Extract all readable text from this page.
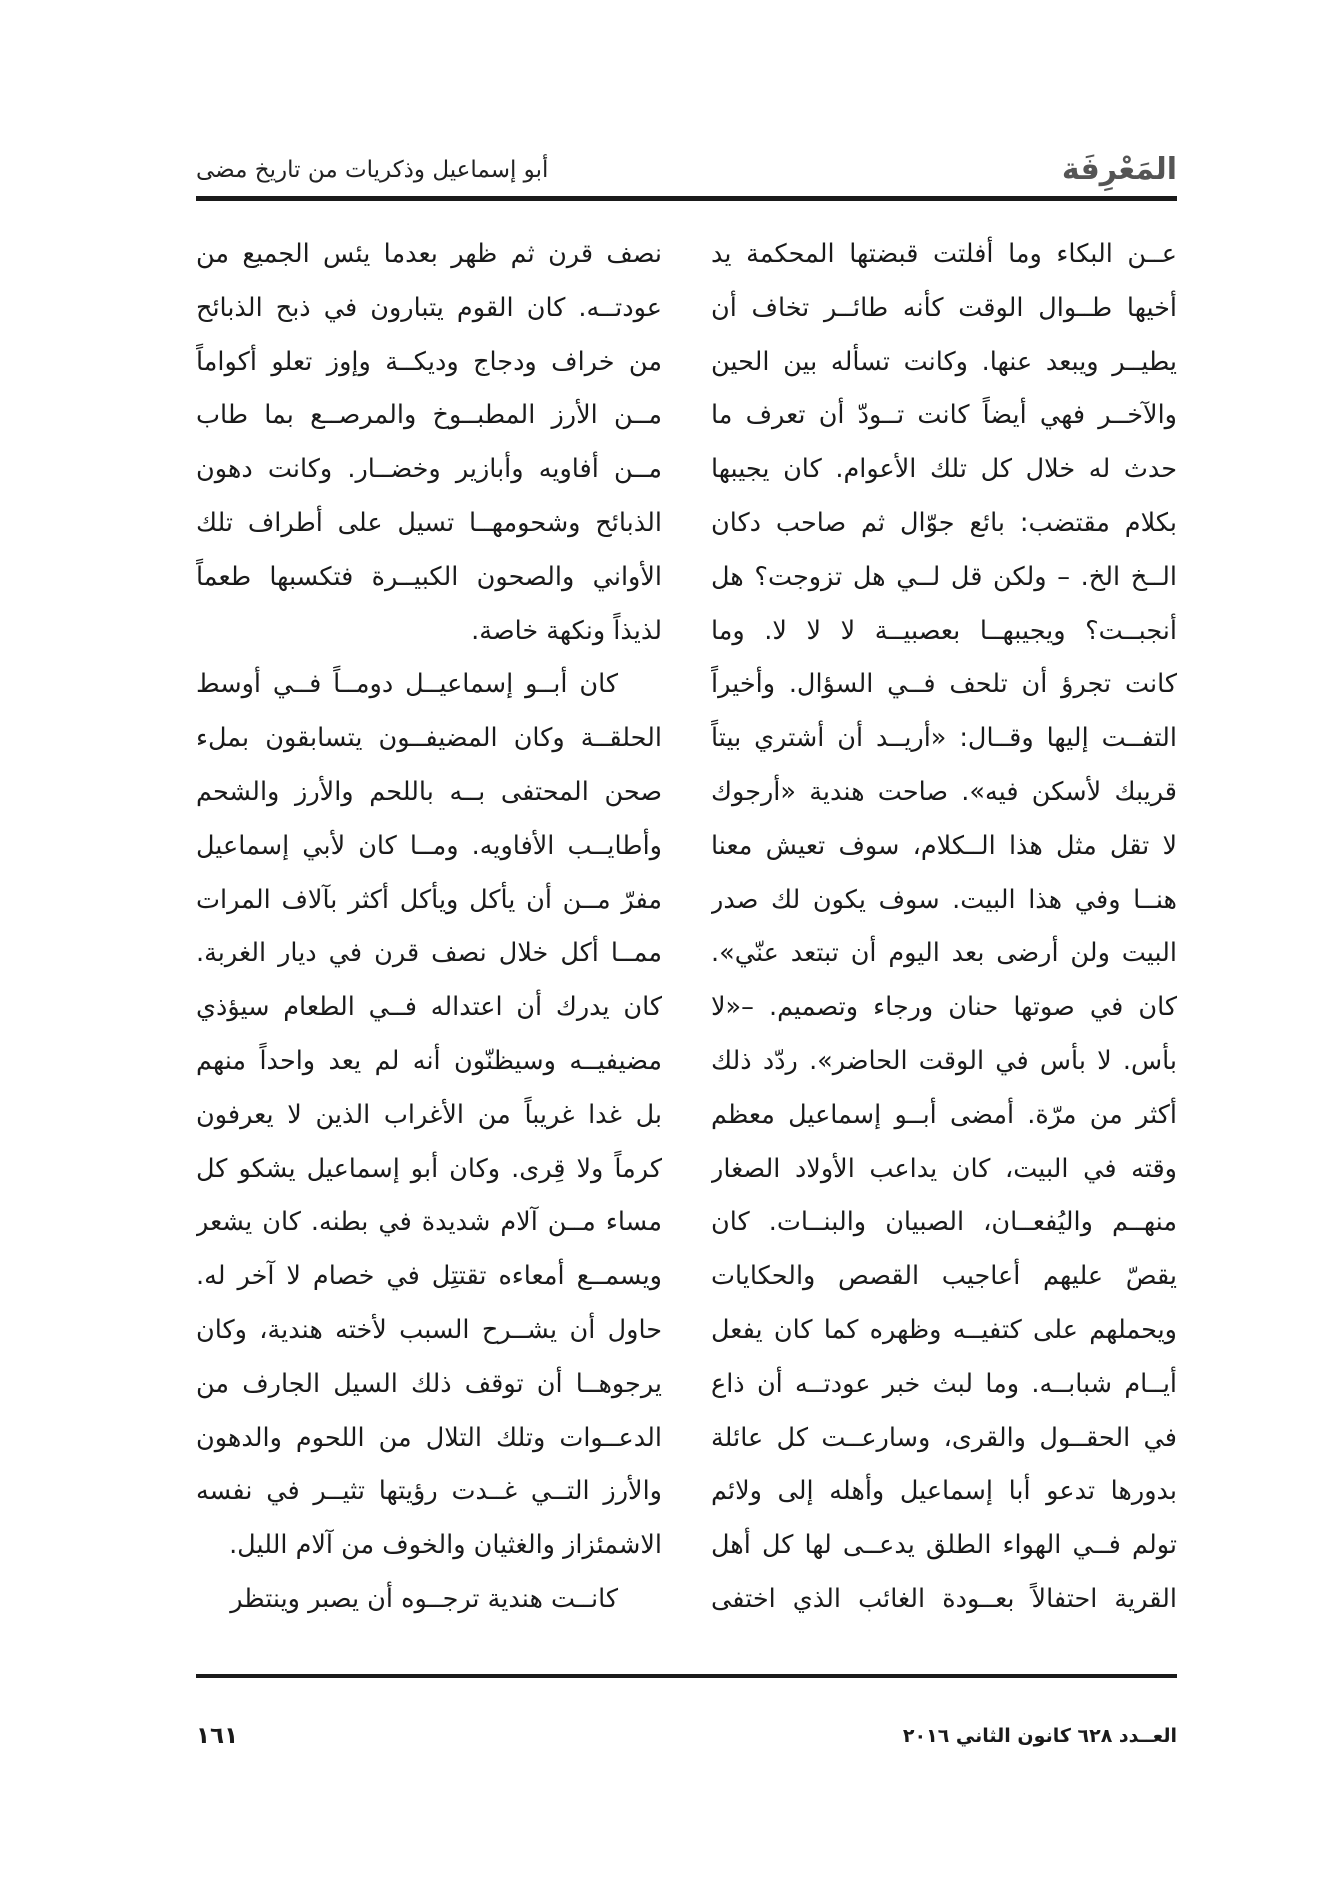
المَعْرِفَة
أبو إسماعيل وذكريات من تاريخ مضى
عــن البكاء وما أفلتت قبضتها المحكمة يد
أخيها طــوال الوقت كأنه طائــر تخاف أن
يطيــر ويبعد عنها. وكانت تسأله بين الحين
والآخــر فهي أيضاً كانت تــودّ أن تعرف ما
حدث له خلال كل تلك الأعوام. كان يجيبها
بكلام مقتضب: بائع جوّال ثم صاحب دكان
الــخ الخ. – ولكن قل لــي هل تزوجت؟ هل
أنجبــت؟ ويجيبهــا بعصبيــة لا لا لا. وما
كانت تجرؤ أن تلحف فــي السؤال. وأخيراً
التفــت إليها وقــال: «أريــد أن أشتري بيتاً
قريبك لأسكن فيه». صاحت هندية «أرجوك
لا تقل مثل هذا الــكلام، سوف تعيش معنا
هنــا وفي هذا البيت. سوف يكون لك صدر
البيت ولن أرضى بعد اليوم أن تبتعد عنّي».
كان في صوتها حنان ورجاء وتصميم. –«لا
بأس. لا بأس في الوقت الحاضر». ردّد ذلك
أكثر من مرّة. أمضى أبــو إسماعيل معظم
وقته في البيت، كان يداعب الأولاد الصغار
منهــم واليُفعــان، الصبيان والبنــات. كان
يقصّ عليهم أعاجيب القصص والحكايات
ويحملهم على كتفيــه وظهره كما كان يفعل
أيــام شبابــه. وما لبث خبر عودتــه أن ذاع
في الحقــول والقرى، وسارعــت كل عائلة
بدورها تدعو أبا إسماعيل وأهله إلى ولائم
تولم فــي الهواء الطلق يدعــى لها كل أهل
القرية احتفالاً بعــودة الغائب الذي اختفى
نصف قرن ثم ظهر بعدما يئس الجميع من
عودتــه. كان القوم يتبارون في ذبح الذبائح
من خراف ودجاج وديكــة وإوز تعلو أكواماً
مــن الأرز المطبــوخ والمرصــع بما طاب
مــن أفاويه وأبازير وخضــار. وكانت دهون
الذبائح وشحومهــا تسيل على أطراف تلك
الأواني والصحون الكبيــرة فتكسبها طعماً
لذيذاً ونكهة خاصة.
كان أبــو إسماعيــل دومــاً فــي أوسط
الحلقــة وكان المضيفــون يتسابقون بملء
صحن المحتفى بــه باللحم والأرز والشحم
وأطايــب الأفاويه. ومــا كان لأبي إسماعيل
مفرّ مــن أن يأكل ويأكل أكثر بآلاف المرات
ممــا أكل خلال نصف قرن في ديار الغربة.
كان يدرك أن اعتداله فــي الطعام سيؤذي
مضيفيــه وسيظنّون أنه لم يعد واحداً منهم
بل غدا غريباً من الأغراب الذين لا يعرفون
كرماً ولا قِرى. وكان أبو إسماعيل يشكو كل
مساء مــن آلام شديدة في بطنه. كان يشعر
ويسمــع أمعاءه تقتتِل في خصام لا آخر له.
حاول أن يشــرح السبب لأخته هندية، وكان
يرجوهــا أن توقف ذلك السيل الجارف من
الدعــوات وتلك التلال من اللحوم والدهون
والأرز التــي غــدت رؤيتها تثيــر في نفسه
الاشمئزاز والغثيان والخوف من آلام الليل.
كانــت هندية ترجــوه أن يصبر وينتظر
العــدد ٦٢٨ كانون الثاني ٢٠١٦
١٦١
